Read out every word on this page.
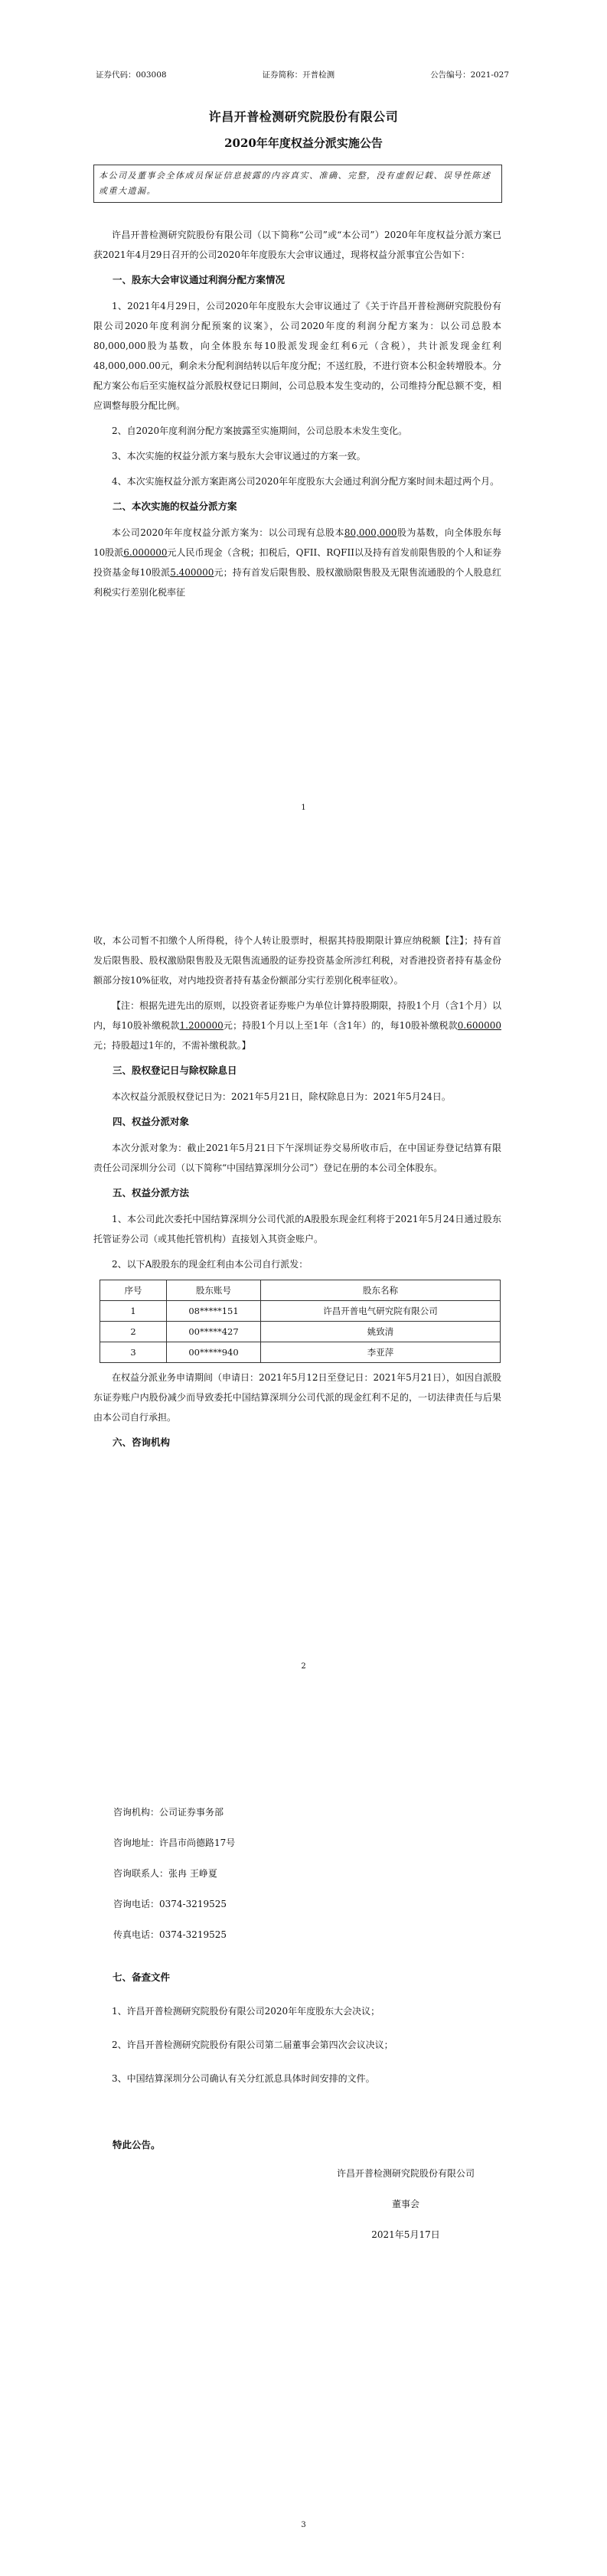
证券代码：003008	证券简称：开普检测	公告编号：2021-027
许昌开普检测研究院股份有限公司
2020年年度权益分派实施公告
本公司及董事会全体成员保证信息披露的内容真实、准确、完整，没有虚假记载、误导性陈述或重大遗漏。

许昌开普检测研究院股份有限公司（以下简称“公司”或“本公司”）2020年年度权益分派方案已获2021年4月29日召开的公司2020年年度股东大会审议通过，现将权益分派事宜公告如下：

一、股东大会审议通过利润分配方案情况

1、2021年4月29日，公司2020年年度股东大会审议通过了《关于许昌开普检测研究院股份有限公司2020年度利润分配预案的议案》，公司2020年度的利润分配方案为：以公司总股本80,000,000股为基数，向全体股东每10股派发现金红利6元（含税），共计派发现金红利48,000,000.00元，剩余未分配利润结转以后年度分配；不送红股，不进行资本公积金转增股本。分配方案公布后至实施权益分派股权登记日期间，公司总股本发生变动的，公司维持分配总额不变，相应调整每股分配比例。

2、自2020年度利润分配方案披露至实施期间，公司总股本未发生变化。

3、本次实施的权益分派方案与股东大会审议通过的方案一致。

4、本次实施权益分派方案距离公司2020年年度股东大会通过利润分配方案时间未超过两个月。

二、本次实施的权益分派方案

本公司2020年年度权益分派方案为：以公司现有总股本80,000,000股为基数，向全体股东每10股派6.000000元人民币现金（含税；扣税后，QFII、RQFII以及持有首发前限售股的个人和证券投资基金每10股派5.400000元；持有首发后限售股、股权激励限售股及无限售流通股的个人股息红利税实行差别化税率征

1

收，本公司暂不扣缴个人所得税，待个人转让股票时，根据其持股期限计算应纳税额【注】；持有首发后限售股、股权激励限售股及无限售流通股的证券投资基金所涉红利税，对香港投资者持有基金份额部分按10%征收，对内地投资者持有基金份额部分实行差别化税率征收）。

【注：根据先进先出的原则，以投资者证券账户为单位计算持股期限，持股1个月（含1个月）以内，每10股补缴税款1.200000元；持股1个月以上至1年（含1年）的，每10股补缴税款0.600000元；持股超过1年的，不需补缴税款。】

三、股权登记日与除权除息日

本次权益分派股权登记日为：2021年5月21日，除权除息日为：2021年5月24日。

四、权益分派对象

本次分派对象为：截止2021年5月21日下午深圳证券交易所收市后，在中国证券登记结算有限责任公司深圳分公司（以下简称“中国结算深圳分公司”）登记在册的本公司全体股东。

五、权益分派方法

1、本公司此次委托中国结算深圳分公司代派的A股股东现金红利将于2021年5月24日通过股东托管证券公司（或其他托管机构）直接划入其资金账户。

2、以下A股股东的现金红利由本公司自行派发：

序号	股东账号	股东名称
1	08*****151	许昌开普电气研究院有限公司
2	00*****427	姚致清
3	00*****940	李亚萍

在权益分派业务申请期间（申请日：2021年5月12日至登记日：2021年5月21日），如因自派股东证券账户内股份减少而导致委托中国结算深圳分公司代派的现金红利不足的，一切法律责任与后果由本公司自行承担。

六、咨询机构
2
咨询机构：公司证券事务部
咨询地址：许昌市尚德路17号
咨询联系人：张冉 王峥夏
咨询电话：0374-3219525
传真电话：0374-3219525
七、备查文件

1、许昌开普检测研究院股份有限公司2020年年度股东大会决议；

2、许昌开普检测研究院股份有限公司第二届董事会第四次会议决议；

3、中国结算深圳分公司确认有关分红派息具体时间安排的文件。

特此公告。
许昌开普检测研究院股份有限公司
董事会
2021年5月17日
3
